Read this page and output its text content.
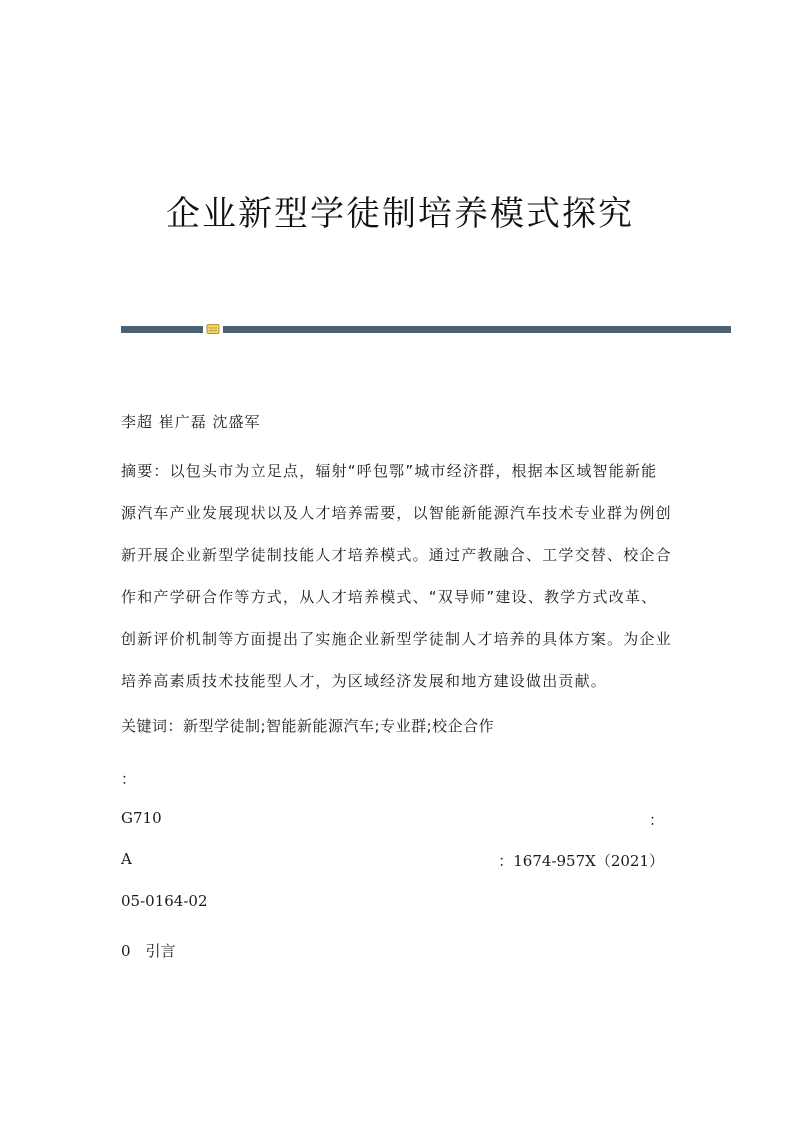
企业新型学徒制培养模式探究
李超 崔广磊 沈盛军
摘要：以包头市为立足点，辐射“呼包鄂”城市经济群，根据本区域智能新能
源汽车产业发展现状以及人才培养需要，以智能新能源汽车技术专业群为例创
新开展企业新型学徒制技能人才培养模式。通过产教融合、工学交替、校企合
作和产学研合作等方式，从人才培养模式、“双导师”建设、教学方式改革、
创新评价机制等方面提出了实施企业新型学徒制人才培养的具体方案。为企业
培养高素质技术技能型人才，为区域经济发展和地方建设做出贡献。
关键词：新型学徒制;智能新能源汽车;专业群;校企合作
：
G710	：
A	：1674-957X（2021）
05-0164-02
0　引言
